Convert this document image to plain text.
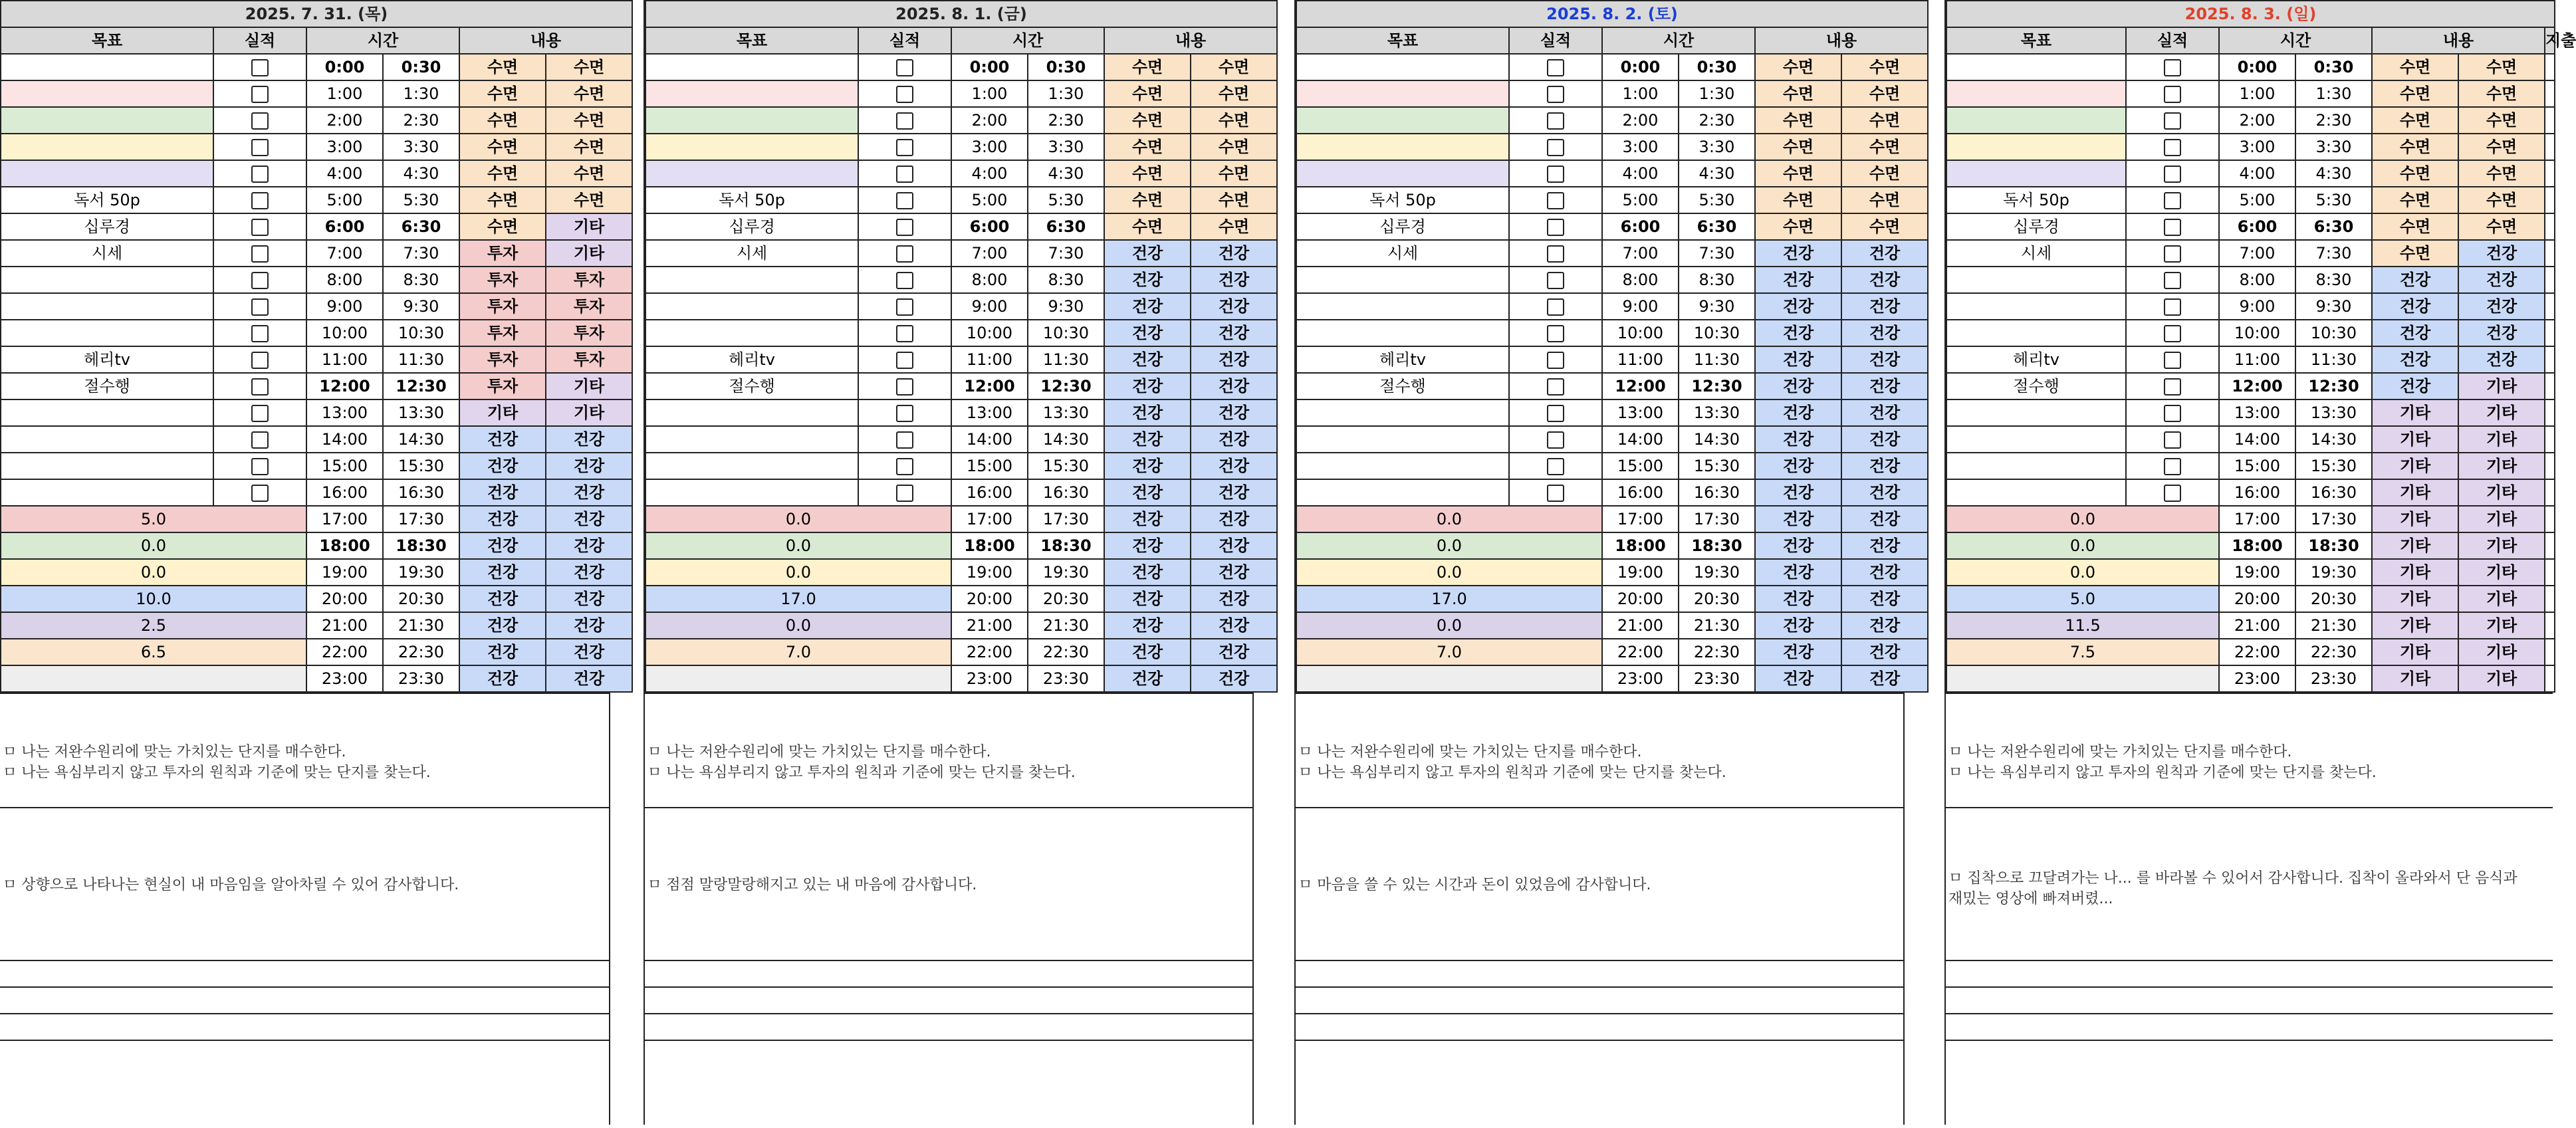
2025. 7. 31. (목)						
목표	실적	시간		내용	
		0:00	0:30	수면	수면	
		1:00	1:30	수면	수면	
		2:00	2:30	수면	수면	
		3:00	3:30	수면	수면	
		4:00	4:30	수면	수면	
독서 50p		5:00	5:30	수면	수면	
십루경		6:00	6:30	수면	기타	
시세		7:00	7:30	투자	기타	
		8:00	8:30	투자	투자	
		9:00	9:30	투자	투자	
		10:00	10:30	투자	투자	
헤리tv		11:00	11:30	투자	투자	
절수행		12:00	12:30	투자	기타	
		13:00	13:30	기타	기타	
		14:00	14:30	건강	건강	
		15:00	15:30	건강	건강	
		16:00	16:30	건강	건강	
5.0		17:00	17:30	건강	건강	
0.0		18:00	18:30	건강	건강	
0.0		19:00	19:30	건강	건강	
10.0		20:00	20:30	건강	건강	
2.5		21:00	21:30	건강	건강	
6.5		22:00	22:30	건강	건강	
		23:00	23:30	건강	건강	
ㅁ 나는 저완수원리에 맞는 가치있는 단지를 매수한다.
ㅁ 나는 욕심부리지 않고 투자의 원칙과 기준에 맞는 단지를 찾는다.
ㅁ 상향으로 나타나는 현실이 내 마음임을 알아차릴 수 있어 감사합니다.
2025. 8. 1. (금)						
목표	실적	시간		내용	
		0:00	0:30	수면	수면	
		1:00	1:30	수면	수면	
		2:00	2:30	수면	수면	
		3:00	3:30	수면	수면	
		4:00	4:30	수면	수면	
독서 50p		5:00	5:30	수면	수면	
십루경		6:00	6:30	수면	수면	
시세		7:00	7:30	건강	건강	
		8:00	8:30	건강	건강	
		9:00	9:30	건강	건강	
		10:00	10:30	건강	건강	
헤리tv		11:00	11:30	건강	건강	
절수행		12:00	12:30	건강	건강	
		13:00	13:30	건강	건강	
		14:00	14:30	건강	건강	
		15:00	15:30	건강	건강	
		16:00	16:30	건강	건강	
0.0		17:00	17:30	건강	건강	
0.0		18:00	18:30	건강	건강	
0.0		19:00	19:30	건강	건강	
17.0		20:00	20:30	건강	건강	
0.0		21:00	21:30	건강	건강	
7.0		22:00	22:30	건강	건강	
		23:00	23:30	건강	건강	
ㅁ 나는 저완수원리에 맞는 가치있는 단지를 매수한다.
ㅁ 나는 욕심부리지 않고 투자의 원칙과 기준에 맞는 단지를 찾는다.
ㅁ 점점 말랑말랑해지고 있는 내 마음에 감사합니다.
2025. 8. 2. (토)						
목표	실적	시간		내용	
		0:00	0:30	수면	수면	
		1:00	1:30	수면	수면	
		2:00	2:30	수면	수면	
		3:00	3:30	수면	수면	
		4:00	4:30	수면	수면	
독서 50p		5:00	5:30	수면	수면	
십루경		6:00	6:30	수면	수면	
시세		7:00	7:30	건강	건강	
		8:00	8:30	건강	건강	
		9:00	9:30	건강	건강	
		10:00	10:30	건강	건강	
헤리tv		11:00	11:30	건강	건강	
절수행		12:00	12:30	건강	건강	
		13:00	13:30	건강	건강	
		14:00	14:30	건강	건강	
		15:00	15:30	건강	건강	
		16:00	16:30	건강	건강	
0.0		17:00	17:30	건강	건강	
0.0		18:00	18:30	건강	건강	
0.0		19:00	19:30	건강	건강	
17.0		20:00	20:30	건강	건강	
0.0		21:00	21:30	건강	건강	
7.0		22:00	22:30	건강	건강	
		23:00	23:30	건강	건강	
ㅁ 나는 저완수원리에 맞는 가치있는 단지를 매수한다.
ㅁ 나는 욕심부리지 않고 투자의 원칙과 기준에 맞는 단지를 찾는다.
ㅁ 마음을 쓸 수 있는 시간과 돈이 있었음에 감사합니다.
2025. 8. 3. (일)						
목표	실적	시간		내용		지출
		0:00	0:30	수면	수면	
		1:00	1:30	수면	수면	
		2:00	2:30	수면	수면	
		3:00	3:30	수면	수면	
		4:00	4:30	수면	수면	
독서 50p		5:00	5:30	수면	수면	
십루경		6:00	6:30	수면	수면	
시세		7:00	7:30	수면	건강	
		8:00	8:30	건강	건강	
		9:00	9:30	건강	건강	
		10:00	10:30	건강	건강	
헤리tv		11:00	11:30	건강	건강	
절수행		12:00	12:30	건강	기타	
		13:00	13:30	기타	기타	
		14:00	14:30	기타	기타	
		15:00	15:30	기타	기타	
		16:00	16:30	기타	기타	
0.0		17:00	17:30	기타	기타	
0.0		18:00	18:30	기타	기타	
0.0		19:00	19:30	기타	기타	
5.0		20:00	20:30	기타	기타	
11.5		21:00	21:30	기타	기타	
7.5		22:00	22:30	기타	기타	
		23:00	23:30	기타	기타	
ㅁ 나는 저완수원리에 맞는 가치있는 단지를 매수한다.
ㅁ 나는 욕심부리지 않고 투자의 원칙과 기준에 맞는 단지를 찾는다.
ㅁ 집착으로 끄달려가는 나... 를 바라볼 수 있어서 감사합니다. 집착이 올라와서 단 음식과
재밌는 영상에 빠져버렸...
